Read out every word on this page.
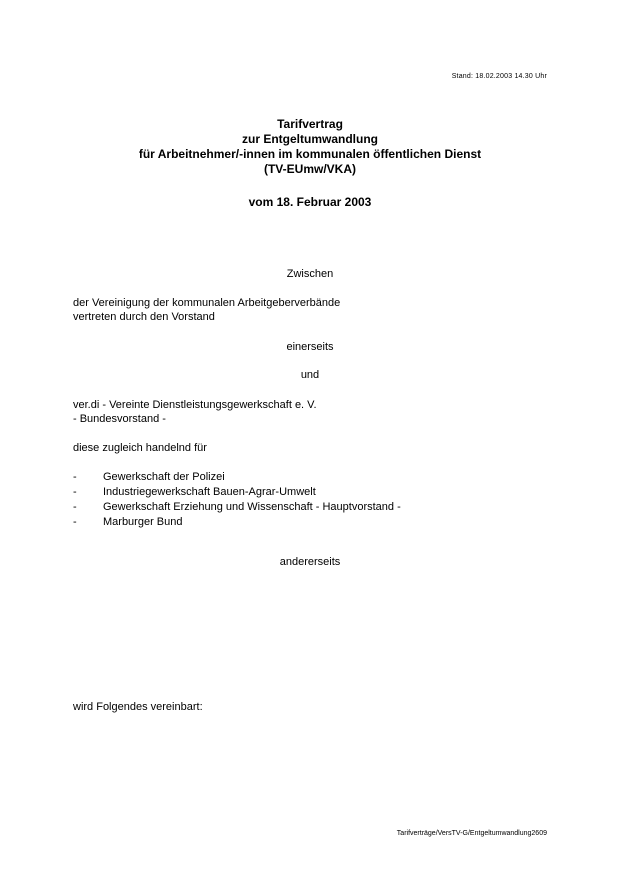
Stand: 18.02.2003 14.30 Uhr
Tarifvertrag
zur Entgeltumwandlung
für Arbeitnehmer/-innen im kommunalen öffentlichen Dienst
(TV-EUmw/VKA)
vom 18. Februar 2003
Zwischen
der Vereinigung der kommunalen Arbeitgeberverbände
vertreten durch den Vorstand
einerseits
und
ver.di - Vereinte Dienstleistungsgewerkschaft e. V.
- Bundesvorstand -
diese zugleich handelnd für
- Gewerkschaft der Polizei
- Industriegewerkschaft Bauen-Agrar-Umwelt
- Gewerkschaft Erziehung und Wissenschaft - Hauptvorstand -
- Marburger Bund
andererseits
wird Folgendes vereinbart:
Tarifverträge/VersTV-G/Entgeltumwandlung2609
